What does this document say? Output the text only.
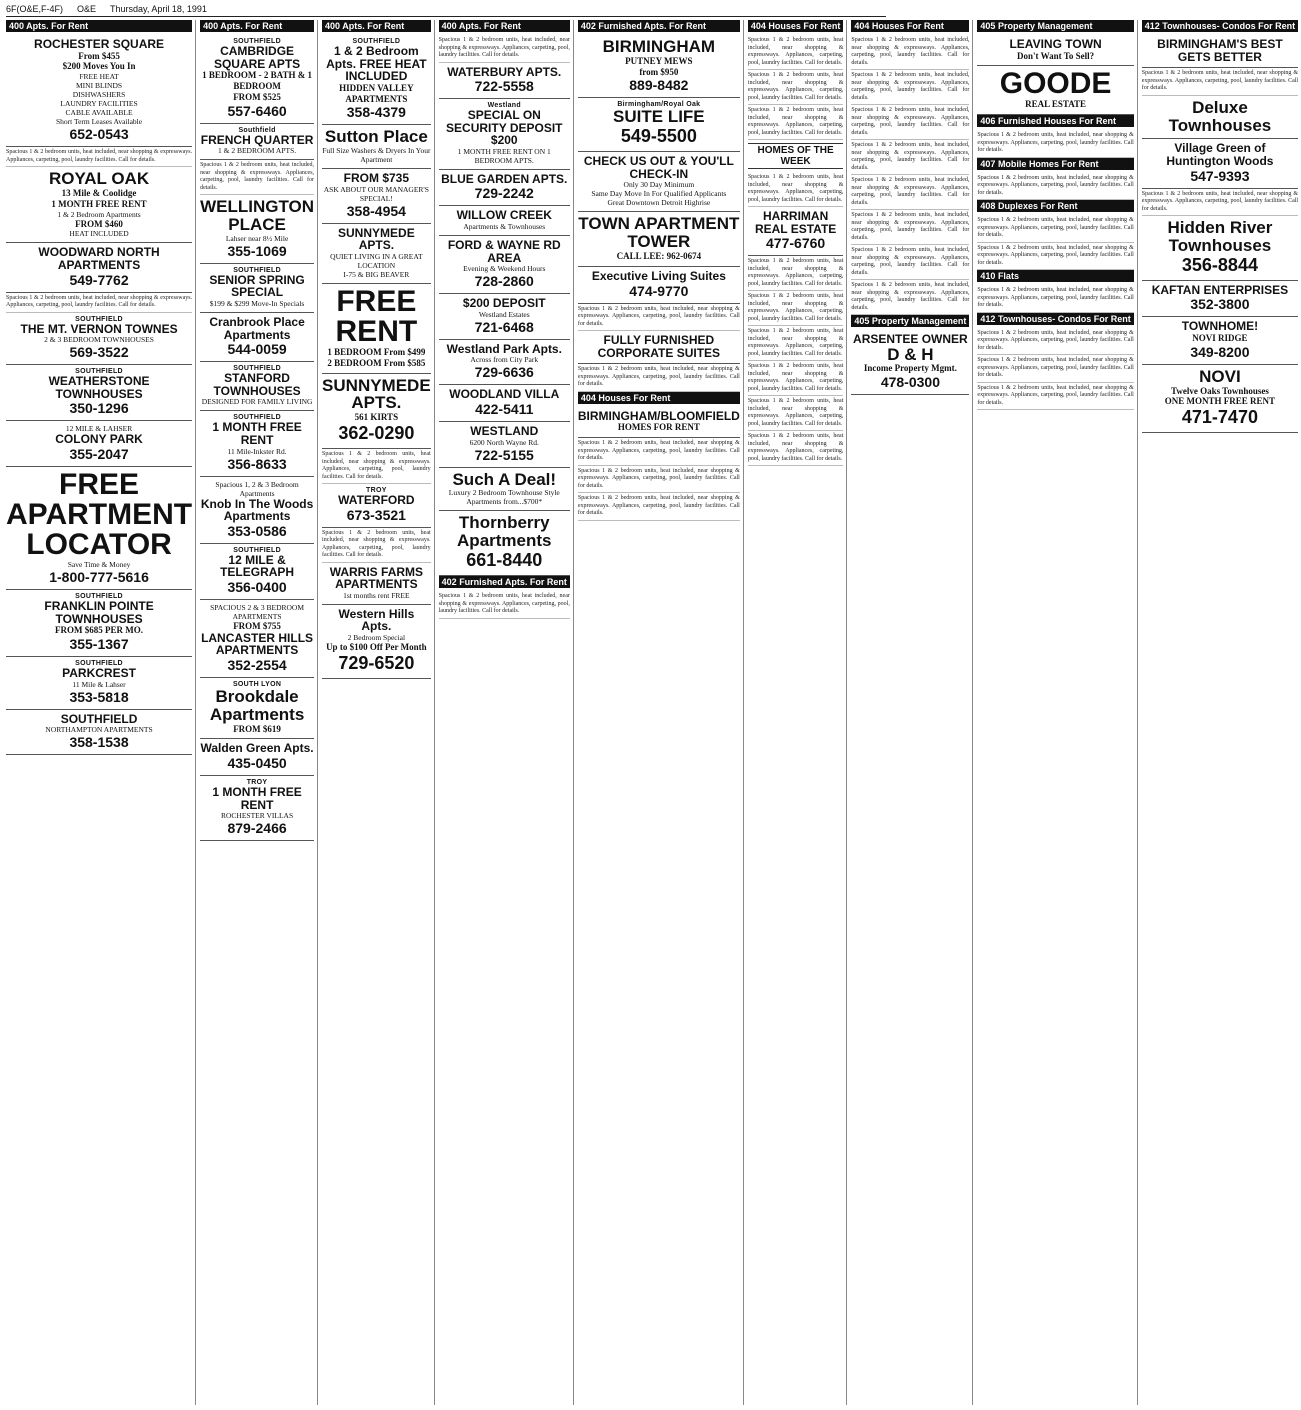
6F(O&E,F-4F) O&E Thursday, April 18, 1991
400 Apts. For Rent
ROCHESTER SQUARE
From $455
$200 Moves You In
FREE HEAT
MINI BLINDS
DISHWASHERS
LAUNDRY FACILITIES
CABLE AVAILABLE
Short Term Leases Available
652-0543
Spacious 1 & 2 bedroom units, heat included, near shopping & expressways. Appliances, carpeting, pool, laundry facilities. Call for details.
ROYAL OAK
13 Mile & Coolidge
1 MONTH FREE RENT
1 & 2 Bedroom Apartments
FROM $460
HEAT INCLUDED
WOODWARD NORTH APARTMENTS
549-7762
Spacious 1 & 2 bedroom units, heat included, near shopping & expressways. Appliances, carpeting, pool, laundry facilities. Call for details.
SOUTHFIELD
THE MT. VERNON TOWNES
2 & 3 BEDROOM TOWNHOUSES
569-3522
SOUTHFIELD
WEATHERSTONE TOWNHOUSES
350-1296
12 MILE & LAHSER
COLONY PARK
355-2047
FREE APARTMENT LOCATOR
Save Time & Money
1-800-777-5616
SOUTHFIELD
FRANKLIN POINTE TOWNHOUSES
FROM $685 PER MO.
355-1367
SOUTHFIELD
PARKCREST
11 Mile & Lahser
353-5818
SOUTHFIELD
NORTHAMPTON APARTMENTS
358-1538
400 Apts. For Rent
SOUTHFIELD
CAMBRIDGE SQUARE APTS
1 BEDROOM - 2 BATH & 1 BEDROOM
FROM $525
557-6460
Southfield
FRENCH QUARTER
1 & 2 BEDROOM APTS.
Spacious 1 & 2 bedroom units, heat included, near shopping & expressways. Appliances, carpeting, pool, laundry facilities. Call for details.
WELLINGTON PLACE
Lahser near 8½ Mile
355-1069
SOUTHFIELD
SENIOR SPRING SPECIAL
$199 & $299 Move-In Specials
Cranbrook Place Apartments
544-0059
SOUTHFIELD
STANFORD TOWNHOUSES
DESIGNED FOR FAMILY LIVING
SOUTHFIELD
1 MONTH FREE RENT
11 Mile-Inkster Rd.
356-8633
Spacious 1, 2 & 3 Bedroom Apartments
Knob In The Woods Apartments
353-0586
SOUTHFIELD
12 MILE & TELEGRAPH
356-0400
SPACIOUS 2 & 3 BEDROOM APARTMENTS
FROM $755
LANCASTER HILLS APARTMENTS
352-2554
SOUTH LYON
Brookdale Apartments
FROM $619
Walden Green Apts.
435-0450
TROY
1 MONTH FREE RENT
ROCHESTER VILLAS
879-2466
400 Apts. For Rent
SOUTHFIELD
1 & 2 Bedroom Apts. FREE HEAT INCLUDED
HIDDEN VALLEY APARTMENTS
358-4379
Sutton Place
Full Size Washers & Dryers In Your Apartment
FROM $735
ASK ABOUT OUR MANAGER'S SPECIAL!
358-4954
SUNNYMEDE APTS.
QUIET LIVING IN A GREAT LOCATION
I-75 & BIG BEAVER
FREE RENT
1 BEDROOM From $499
2 BEDROOM From $585
SUNNYMEDE APTS.
561 KIRTS
362-0290
Spacious 1 & 2 bedroom units, heat included, near shopping & expressways. Appliances, carpeting, pool, laundry facilities. Call for details.
TROY
WATERFORD
673-3521
Spacious 1 & 2 bedroom units, heat included, near shopping & expressways. Appliances, carpeting, pool, laundry facilities. Call for details.
WARRIS FARMS APARTMENTS
1st months rent FREE
Western Hills Apts.
2 Bedroom Special
Up to $100 Off Per Month
729-6520
400 Apts. For Rent
Spacious 1 & 2 bedroom units, heat included, near shopping & expressways. Appliances, carpeting, pool, laundry facilities. Call for details.
WATERBURY APTS.
722-5558
Westland
SPECIAL ON SECURITY DEPOSIT $200
1 MONTH FREE RENT ON 1 BEDROOM APTS.
BLUE GARDEN APTS.
729-2242
WILLOW CREEK
Apartments & Townhouses
FORD & WAYNE RD AREA
Evening & Weekend Hours
728-2860
$200 DEPOSIT
Westland Estates
721-6468
Westland Park Apts.
Across from City Park
729-6636
WOODLAND VILLA
422-5411
WESTLAND
6200 North Wayne Rd.
722-5155
Such A Deal!
Luxury 2 Bedroom Townhouse Style Apartments from...$700*
Thornberry Apartments
661-8440
402 Furnished Apts. For Rent
Spacious 1 & 2 bedroom units, heat included, near shopping & expressways. Appliances, carpeting, pool, laundry facilities. Call for details.
402 Furnished Apts. For Rent
BIRMINGHAM
PUTNEY MEWS
from $950
889-8482
Birmingham/Royal Oak
SUITE LIFE
549-5500
CHECK US OUT & YOU'LL CHECK-IN
Only 30 Day Minimum
Same Day Move In For Qualified Applicants
Great Downtown Detroit Highrise
TOWN APARTMENT TOWER
CALL LEE: 962-0674
Executive Living Suites
474-9770
Spacious 1 & 2 bedroom units, heat included, near shopping & expressways. Appliances, carpeting, pool, laundry facilities. Call for details.
FULLY FURNISHED CORPORATE SUITES
Spacious 1 & 2 bedroom units, heat included, near shopping & expressways. Appliances, carpeting, pool, laundry facilities. Call for details.
404 Houses For Rent
BIRMINGHAM/BLOOMFIELD
HOMES FOR RENT
Spacious 1 & 2 bedroom units, heat included, near shopping & expressways. Appliances, carpeting, pool, laundry facilities. Call for details.
Spacious 1 & 2 bedroom units, heat included, near shopping & expressways. Appliances, carpeting, pool, laundry facilities. Call for details.
Spacious 1 & 2 bedroom units, heat included, near shopping & expressways. Appliances, carpeting, pool, laundry facilities. Call for details.
404 Houses For Rent
Spacious 1 & 2 bedroom units, heat included, near shopping & expressways. Appliances, carpeting, pool, laundry facilities. Call for details.
Spacious 1 & 2 bedroom units, heat included, near shopping & expressways. Appliances, carpeting, pool, laundry facilities. Call for details.
Spacious 1 & 2 bedroom units, heat included, near shopping & expressways. Appliances, carpeting, pool, laundry facilities. Call for details.
HOMES OF THE WEEK
Spacious 1 & 2 bedroom units, heat included, near shopping & expressways. Appliances, carpeting, pool, laundry facilities. Call for details.
HARRIMAN REAL ESTATE
477-6760
Spacious 1 & 2 bedroom units, heat included, near shopping & expressways. Appliances, carpeting, pool, laundry facilities. Call for details.
Spacious 1 & 2 bedroom units, heat included, near shopping & expressways. Appliances, carpeting, pool, laundry facilities. Call for details.
Spacious 1 & 2 bedroom units, heat included, near shopping & expressways. Appliances, carpeting, pool, laundry facilities. Call for details.
Spacious 1 & 2 bedroom units, heat included, near shopping & expressways. Appliances, carpeting, pool, laundry facilities. Call for details.
Spacious 1 & 2 bedroom units, heat included, near shopping & expressways. Appliances, carpeting, pool, laundry facilities. Call for details.
Spacious 1 & 2 bedroom units, heat included, near shopping & expressways. Appliances, carpeting, pool, laundry facilities. Call for details.
404 Houses For Rent
Spacious 1 & 2 bedroom units, heat included, near shopping & expressways. Appliances, carpeting, pool, laundry facilities. Call for details.
Spacious 1 & 2 bedroom units, heat included, near shopping & expressways. Appliances, carpeting, pool, laundry facilities. Call for details.
Spacious 1 & 2 bedroom units, heat included, near shopping & expressways. Appliances, carpeting, pool, laundry facilities. Call for details.
Spacious 1 & 2 bedroom units, heat included, near shopping & expressways. Appliances, carpeting, pool, laundry facilities. Call for details.
Spacious 1 & 2 bedroom units, heat included, near shopping & expressways. Appliances, carpeting, pool, laundry facilities. Call for details.
Spacious 1 & 2 bedroom units, heat included, near shopping & expressways. Appliances, carpeting, pool, laundry facilities. Call for details.
Spacious 1 & 2 bedroom units, heat included, near shopping & expressways. Appliances, carpeting, pool, laundry facilities. Call for details.
Spacious 1 & 2 bedroom units, heat included, near shopping & expressways. Appliances, carpeting, pool, laundry facilities. Call for details.
405 Property Management
ARSENTEE OWNER
D & H
Income Property Mgmt.
478-0300
405 Property Management
LEAVING TOWN
Don't Want To Sell?
GOODE
REAL ESTATE
406 Furnished Houses For Rent
Spacious 1 & 2 bedroom units, heat included, near shopping & expressways. Appliances, carpeting, pool, laundry facilities. Call for details.
407 Mobile Homes For Rent
Spacious 1 & 2 bedroom units, heat included, near shopping & expressways. Appliances, carpeting, pool, laundry facilities. Call for details.
408 Duplexes For Rent
Spacious 1 & 2 bedroom units, heat included, near shopping & expressways. Appliances, carpeting, pool, laundry facilities. Call for details.
Spacious 1 & 2 bedroom units, heat included, near shopping & expressways. Appliances, carpeting, pool, laundry facilities. Call for details.
410 Flats
Spacious 1 & 2 bedroom units, heat included, near shopping & expressways. Appliances, carpeting, pool, laundry facilities. Call for details.
412 Townhouses- Condos For Rent
Spacious 1 & 2 bedroom units, heat included, near shopping & expressways. Appliances, carpeting, pool, laundry facilities. Call for details.
Spacious 1 & 2 bedroom units, heat included, near shopping & expressways. Appliances, carpeting, pool, laundry facilities. Call for details.
Spacious 1 & 2 bedroom units, heat included, near shopping & expressways. Appliances, carpeting, pool, laundry facilities. Call for details.
412 Townhouses- Condos For Rent
BIRMINGHAM'S BEST GETS BETTER
Spacious 1 & 2 bedroom units, heat included, near shopping & expressways. Appliances, carpeting, pool, laundry facilities. Call for details.
Deluxe Townhouses
Village Green of Huntington Woods
547-9393
Spacious 1 & 2 bedroom units, heat included, near shopping & expressways. Appliances, carpeting, pool, laundry facilities. Call for details.
Hidden River Townhouses
356-8844
KAFTAN ENTERPRISES
352-3800
TOWNHOME!
NOVI RIDGE
349-8200
NOVI
Twelve Oaks Townhouses
ONE MONTH FREE RENT
471-7470
